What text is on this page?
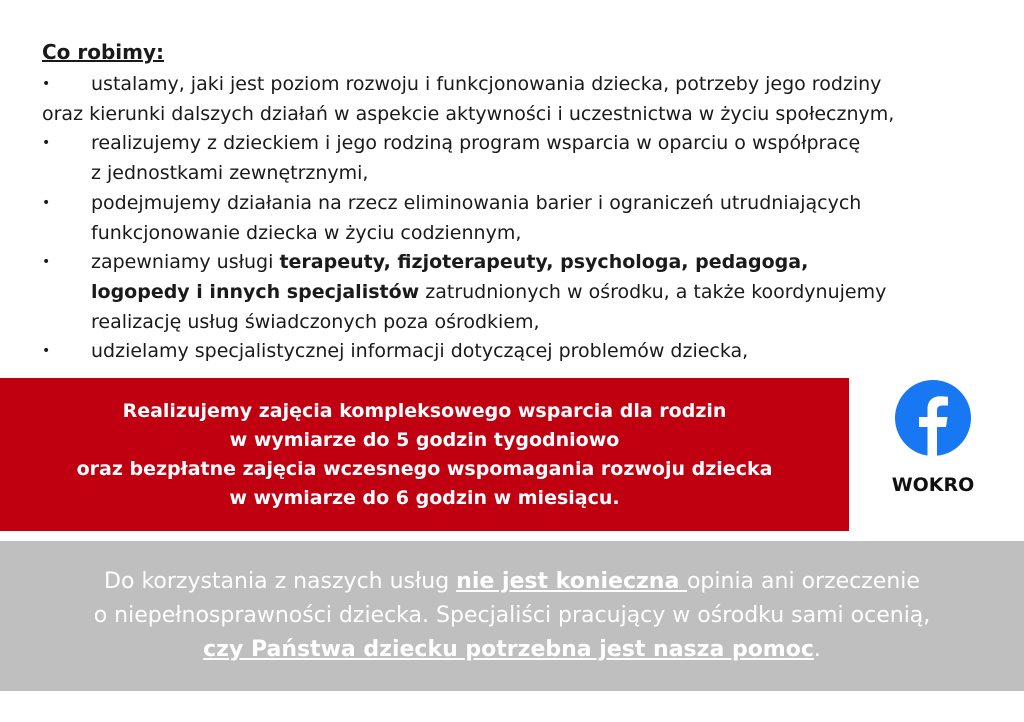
Co robimy:
•	ustalamy, jaki jest poziom rozwoju i funkcjonowania dziecka, potrzeby jego rodziny
oraz kierunki dalszych działań w aspekcie aktywności i uczestnictwa w życiu społecznym,
•	realizujemy z dzieckiem i jego rodziną program wsparcia w oparciu o współpracę
z jednostkami zewnętrznymi,
•	podejmujemy działania na rzecz eliminowania barier i ograniczeń utrudniających
funkcjonowanie dziecka w życiu codziennym,
•	zapewniamy usługi terapeuty, fizjoterapeuty, psychologa, pedagoga,
logopedy i innych specjalistów zatrudnionych w ośrodku, a także koordynujemy
realizację usług świadczonych poza ośrodkiem,
•	udzielamy specjalistycznej informacji dotyczącej problemów dziecka,
Realizujemy zajęcia kompleksowego wsparcia dla rodzin
w wymiarze do 5 godzin tygodniowo
oraz bezpłatne zajęcia wczesnego wspomagania rozwoju dziecka
w wymiarze do 6 godzin w miesiącu.
WOKRO
Do korzystania z naszych usług nie jest konieczna opinia ani orzeczenie
o niepełnosprawności dziecka. Specjaliści pracujący w ośrodku sami ocenią,
czy Państwa dziecku potrzebna jest nasza pomoc.
